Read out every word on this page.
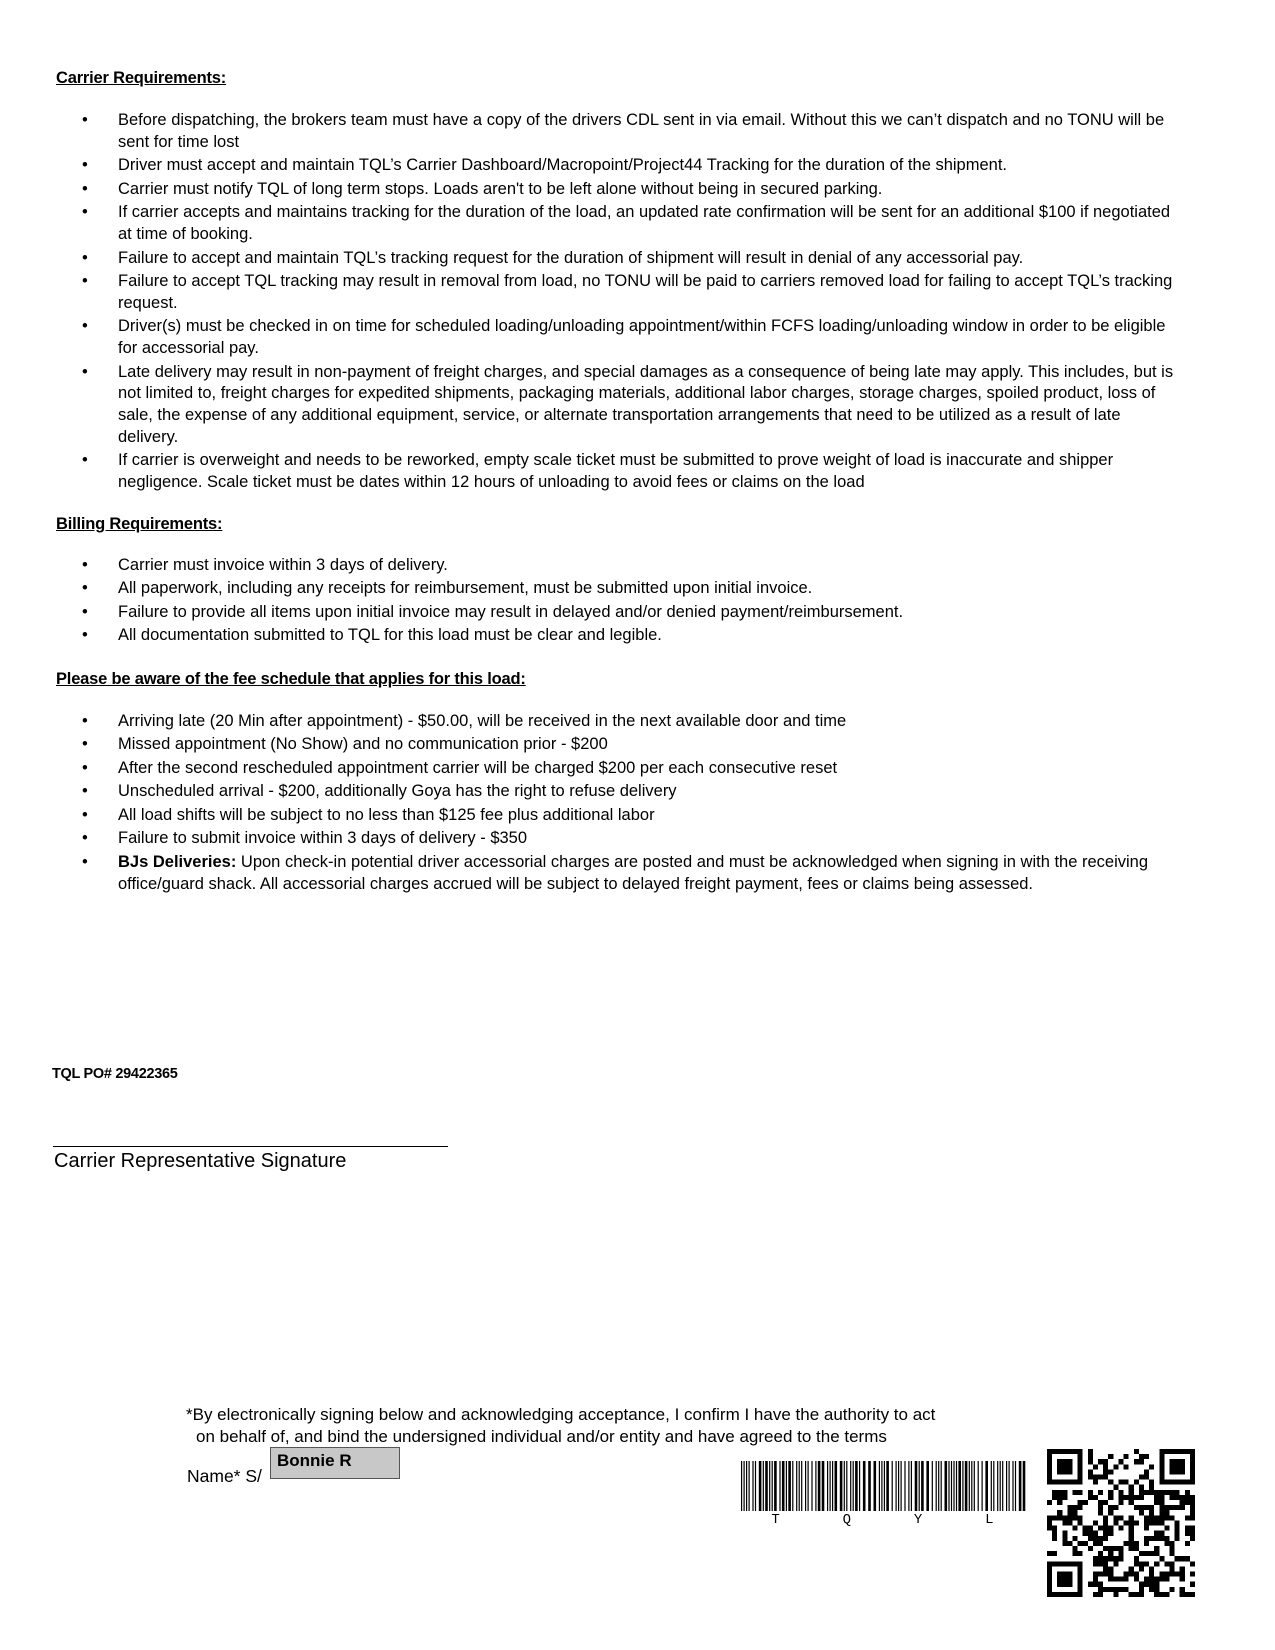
Carrier Requirements:
• Before dispatching, the brokers team must have a copy of the drivers CDL sent in via email. Without this we can’t dispatch and no TONU will be sent for time lost
• Driver must accept and maintain TQL’s Carrier Dashboard/Macropoint/Project44 Tracking for the duration of the shipment.
• Carrier must notify TQL of long term stops. Loads aren't to be left alone without being in secured parking.
• If carrier accepts and maintains tracking for the duration of the load, an updated rate confirmation will be sent for an additional $100 if negotiated at time of booking.
• Failure to accept and maintain TQL’s tracking request for the duration of shipment will result in denial of any accessorial pay.
• Failure to accept TQL tracking may result in removal from load, no TONU will be paid to carriers removed load for failing to accept TQL’s tracking request.
• Driver(s) must be checked in on time for scheduled loading/unloading appointment/within FCFS loading/unloading window in order to be eligible for accessorial pay.
• Late delivery may result in non-payment of freight charges, and special damages as a consequence of being late may apply. This includes, but is not limited to, freight charges for expedited shipments, packaging materials, additional labor charges, storage charges, spoiled product, loss of sale, the expense of any additional equipment, service, or alternate transportation arrangements that need to be utilized as a result of late delivery.
• If carrier is overweight and needs to be reworked, empty scale ticket must be submitted to prove weight of load is inaccurate and shipper negligence. Scale ticket must be dates within 12 hours of unloading to avoid fees or claims on the load
Billing Requirements:
• Carrier must invoice within 3 days of delivery.
• All paperwork, including any receipts for reimbursement, must be submitted upon initial invoice.
• Failure to provide all items upon initial invoice may result in delayed and/or denied payment/reimbursement.
• All documentation submitted to TQL for this load must be clear and legible.
Please be aware of the fee schedule that applies for this load:
• Arriving late (20 Min after appointment) - $50.00, will be received in the next available door and time
• Missed appointment (No Show) and no communication prior - $200
• After the second rescheduled appointment carrier will be charged $200 per each consecutive reset
• Unscheduled arrival - $200, additionally Goya has the right to refuse delivery
• All load shifts will be subject to no less than $125 fee plus additional labor
• Failure to submit invoice within 3 days of delivery - $350
• BJs Deliveries: Upon check-in potential driver accessorial charges are posted and must be acknowledged when signing in with the receiving office/guard shack. All accessorial charges accrued will be subject to delayed freight payment, fees or claims being assessed.
TQL PO# 29422365
Carrier Representative Signature
*By electronically signing below and acknowledging acceptance, I confirm I have the authority to act
on behalf of, and bind the undersigned individual and/or entity and have agreed to the terms
Name* S/
Bonnie R
T	Q	Y	L
